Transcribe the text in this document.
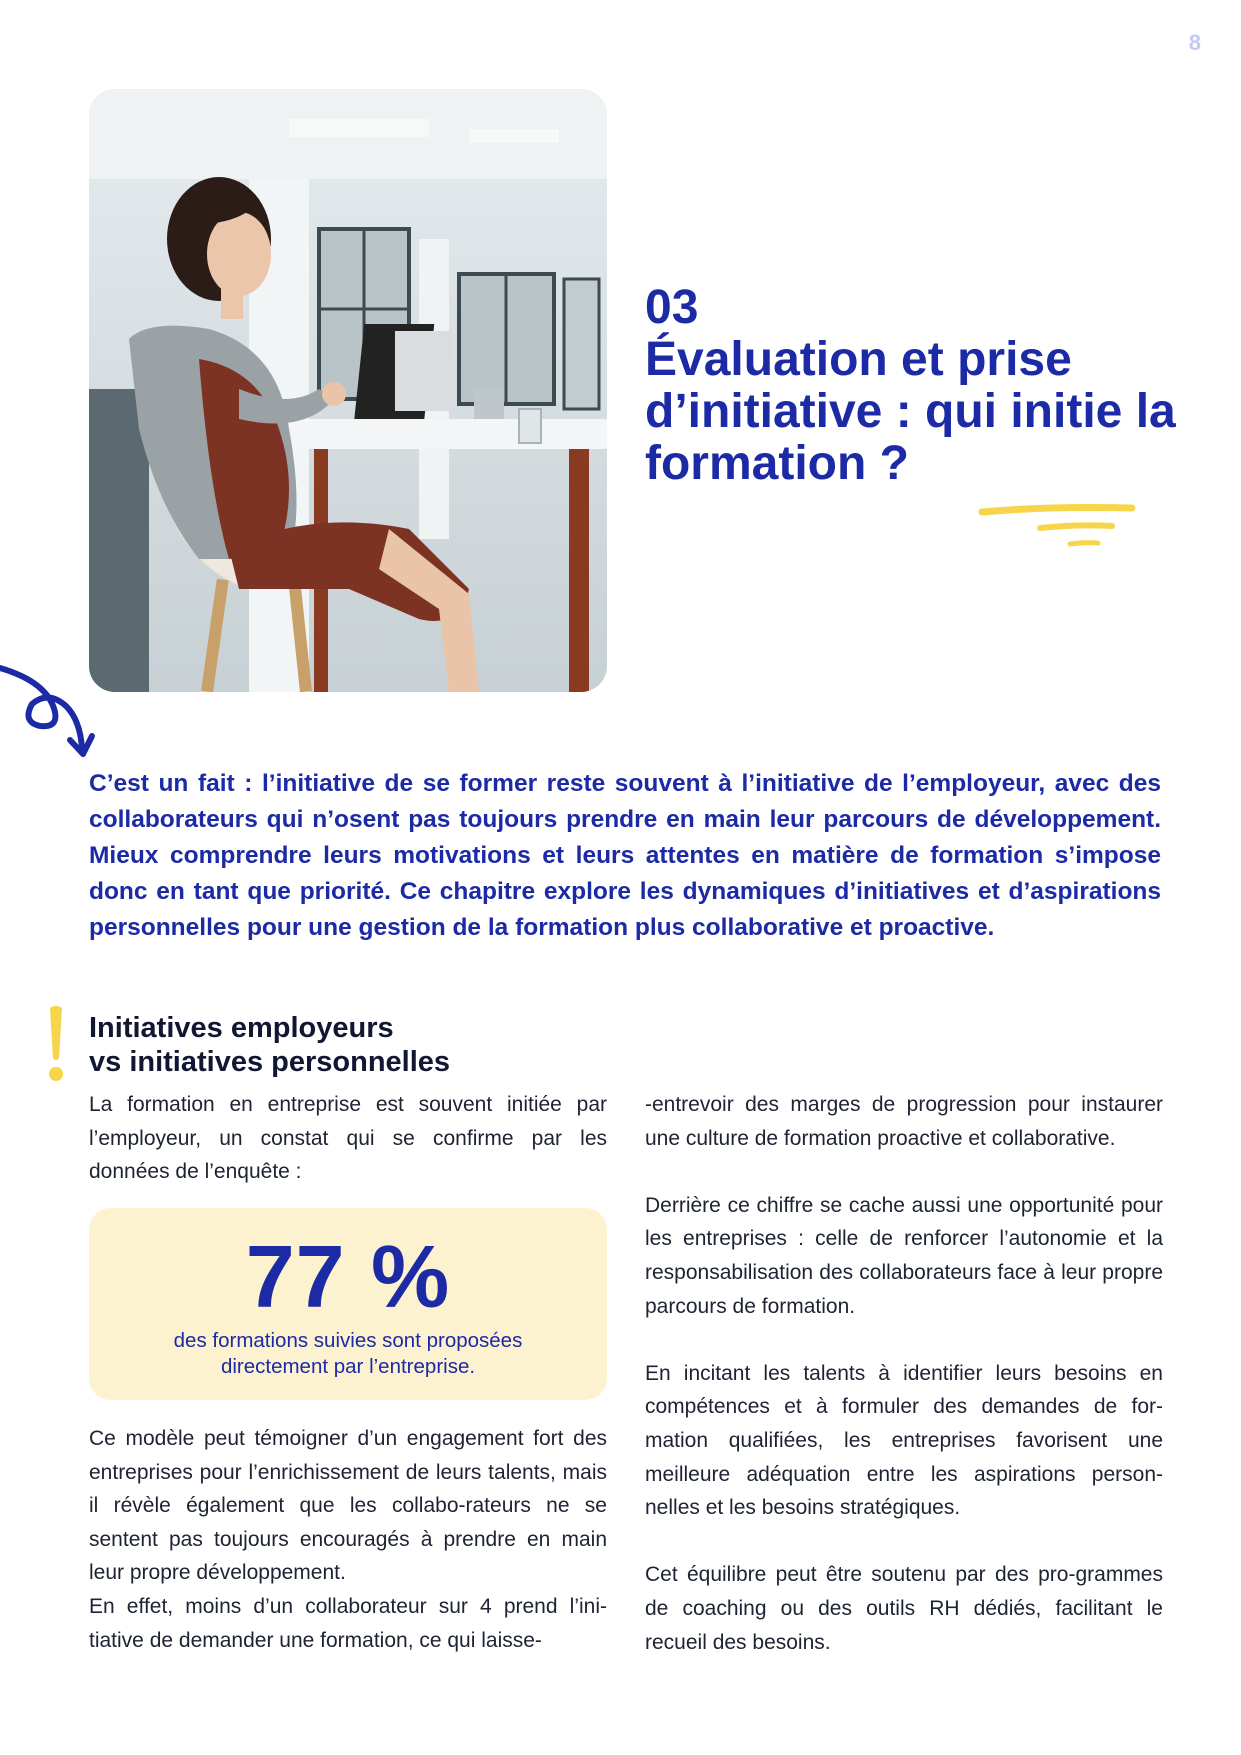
8
03
Évaluation et prise d’initiative : qui initie la formation ?
C’est un fait : l’initiative de se former reste souvent à l’initiative de l’employeur, avec des collaborateurs qui n’osent pas toujours prendre en main leur parcours de développement. Mieux comprendre leurs motivations et leurs attentes en matière de formation s’impose donc en tant que priorité. Ce chapitre explore les dynamiques d’initiatives et d’aspirations personnelles pour une gestion de la formation plus collaborative et proactive.
Initiatives employeurs
vs initiatives personnelles

La formation en entreprise est souvent initiée par l’employeur, un constat qui se confirme par les données de l’enquête :

77 %
des formations suivies sont proposées directement par l’entreprise.

Ce modèle peut témoigner d’un engagement fort des entreprises pour l’enrichissement de leurs talents, mais il révèle également que les collabo-rateurs ne se sentent pas toujours encouragés à prendre en main leur propre développement.

En effet, moins d’un collaborateur sur 4 prend l’ini-tiative de demander une formation, ce qui laisse-

-entrevoir des marges de progression pour instaurer une culture de formation proactive et collaborative.

Derrière ce chiffre se cache aussi une opportunité pour les entreprises : celle de renforcer l’autonomie et la responsabilisation des collaborateurs face à leur propre parcours de formation.

En incitant les talents à identifier leurs besoins en compétences et à formuler des demandes de for-mation qualifiées, les entreprises favorisent une meilleure adéquation entre les aspirations person-nelles et les besoins stratégiques.

Cet équilibre peut être soutenu par des pro-grammes de coaching ou des outils RH dédiés, facilitant le recueil des besoins.
